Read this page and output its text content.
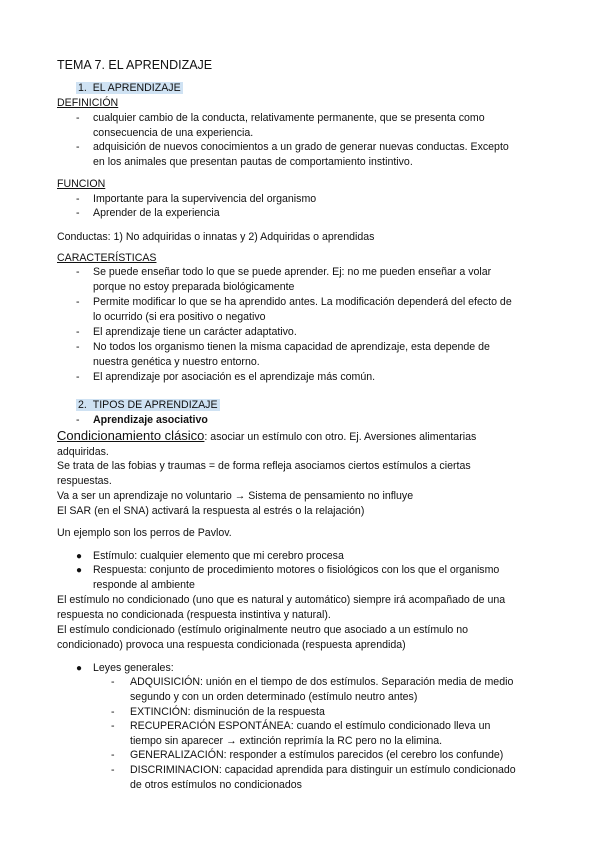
TEMA 7. EL APRENDIZAJE
1. EL APRENDIZAJE
DEFINICIÓN
-	cualquier cambio de la conducta, relativamente permanente, que se presenta como
consecuencia de una experiencia.
-	adquisición de nuevos conocimientos a un grado de generar nuevas conductas. Excepto
en los animales que presentan pautas de comportamiento instintivo.
FUNCION
-	Importante para la supervivencia del organismo
-	Aprender de la experiencia
Conductas: 1) No adquiridas o innatas y 2) Adquiridas o aprendidas
CARACTERÍSTICAS
-	Se puede enseñar todo lo que se puede aprender. Ej: no me pueden enseñar a volar
porque no estoy preparada biológicamente
-	Permite modificar lo que se ha aprendido antes. La modificación dependerá del efecto de
lo ocurrido (si era positivo o negativo
-	El aprendizaje tiene un carácter adaptativo.
-	No todos los organismo tienen la misma capacidad de aprendizaje, esta depende de
nuestra genética y nuestro entorno.
-	El aprendizaje por asociación es el aprendizaje más común.
2. TIPOS DE APRENDIZAJE
-	Aprendizaje asociativo
Condicionamiento clásico: asociar un estímulo con otro. Ej. Aversiones alimentarias
adquiridas.
Se trata de las fobias y traumas = de forma refleja asociamos ciertos estímulos a ciertas
respuestas.
Va a ser un aprendizaje no voluntario → Sistema de pensamiento no influye
El SAR (en el SNA) activará la respuesta al estrés o la relajación)
Un ejemplo son los perros de Pavlov.
● Estímulo: cualquier elemento que mi cerebro procesa
● Respuesta: conjunto de procedimiento motores o fisiológicos con los que el organismo
responde al ambiente
El estímulo no condicionado (uno que es natural y automático) siempre irá acompañado de una
respuesta no condicionada (respuesta instintiva y natural).
El estímulo condicionado (estímulo originalmente neutro que asociado a un estímulo no
condicionado) provoca una respuesta condicionada (respuesta aprendida)
● Leyes generales:
-	ADQUISICIÓN: unión en el tiempo de dos estímulos. Separación media de medio
segundo y con un orden determinado (estímulo neutro antes)
-	EXTINCIÓN: disminución de la respuesta
-	RECUPERACIÓN ESPONTÁNEA: cuando el estímulo condicionado lleva un
tiempo sin aparecer → extinción reprimía la RC pero no la elimina.
-	GENERALIZACIÓN: responder a estímulos parecidos (el cerebro los confunde)
-	DISCRIMINACION: capacidad aprendida para distinguir un estímulo condicionado
de otros estímulos no condicionados
